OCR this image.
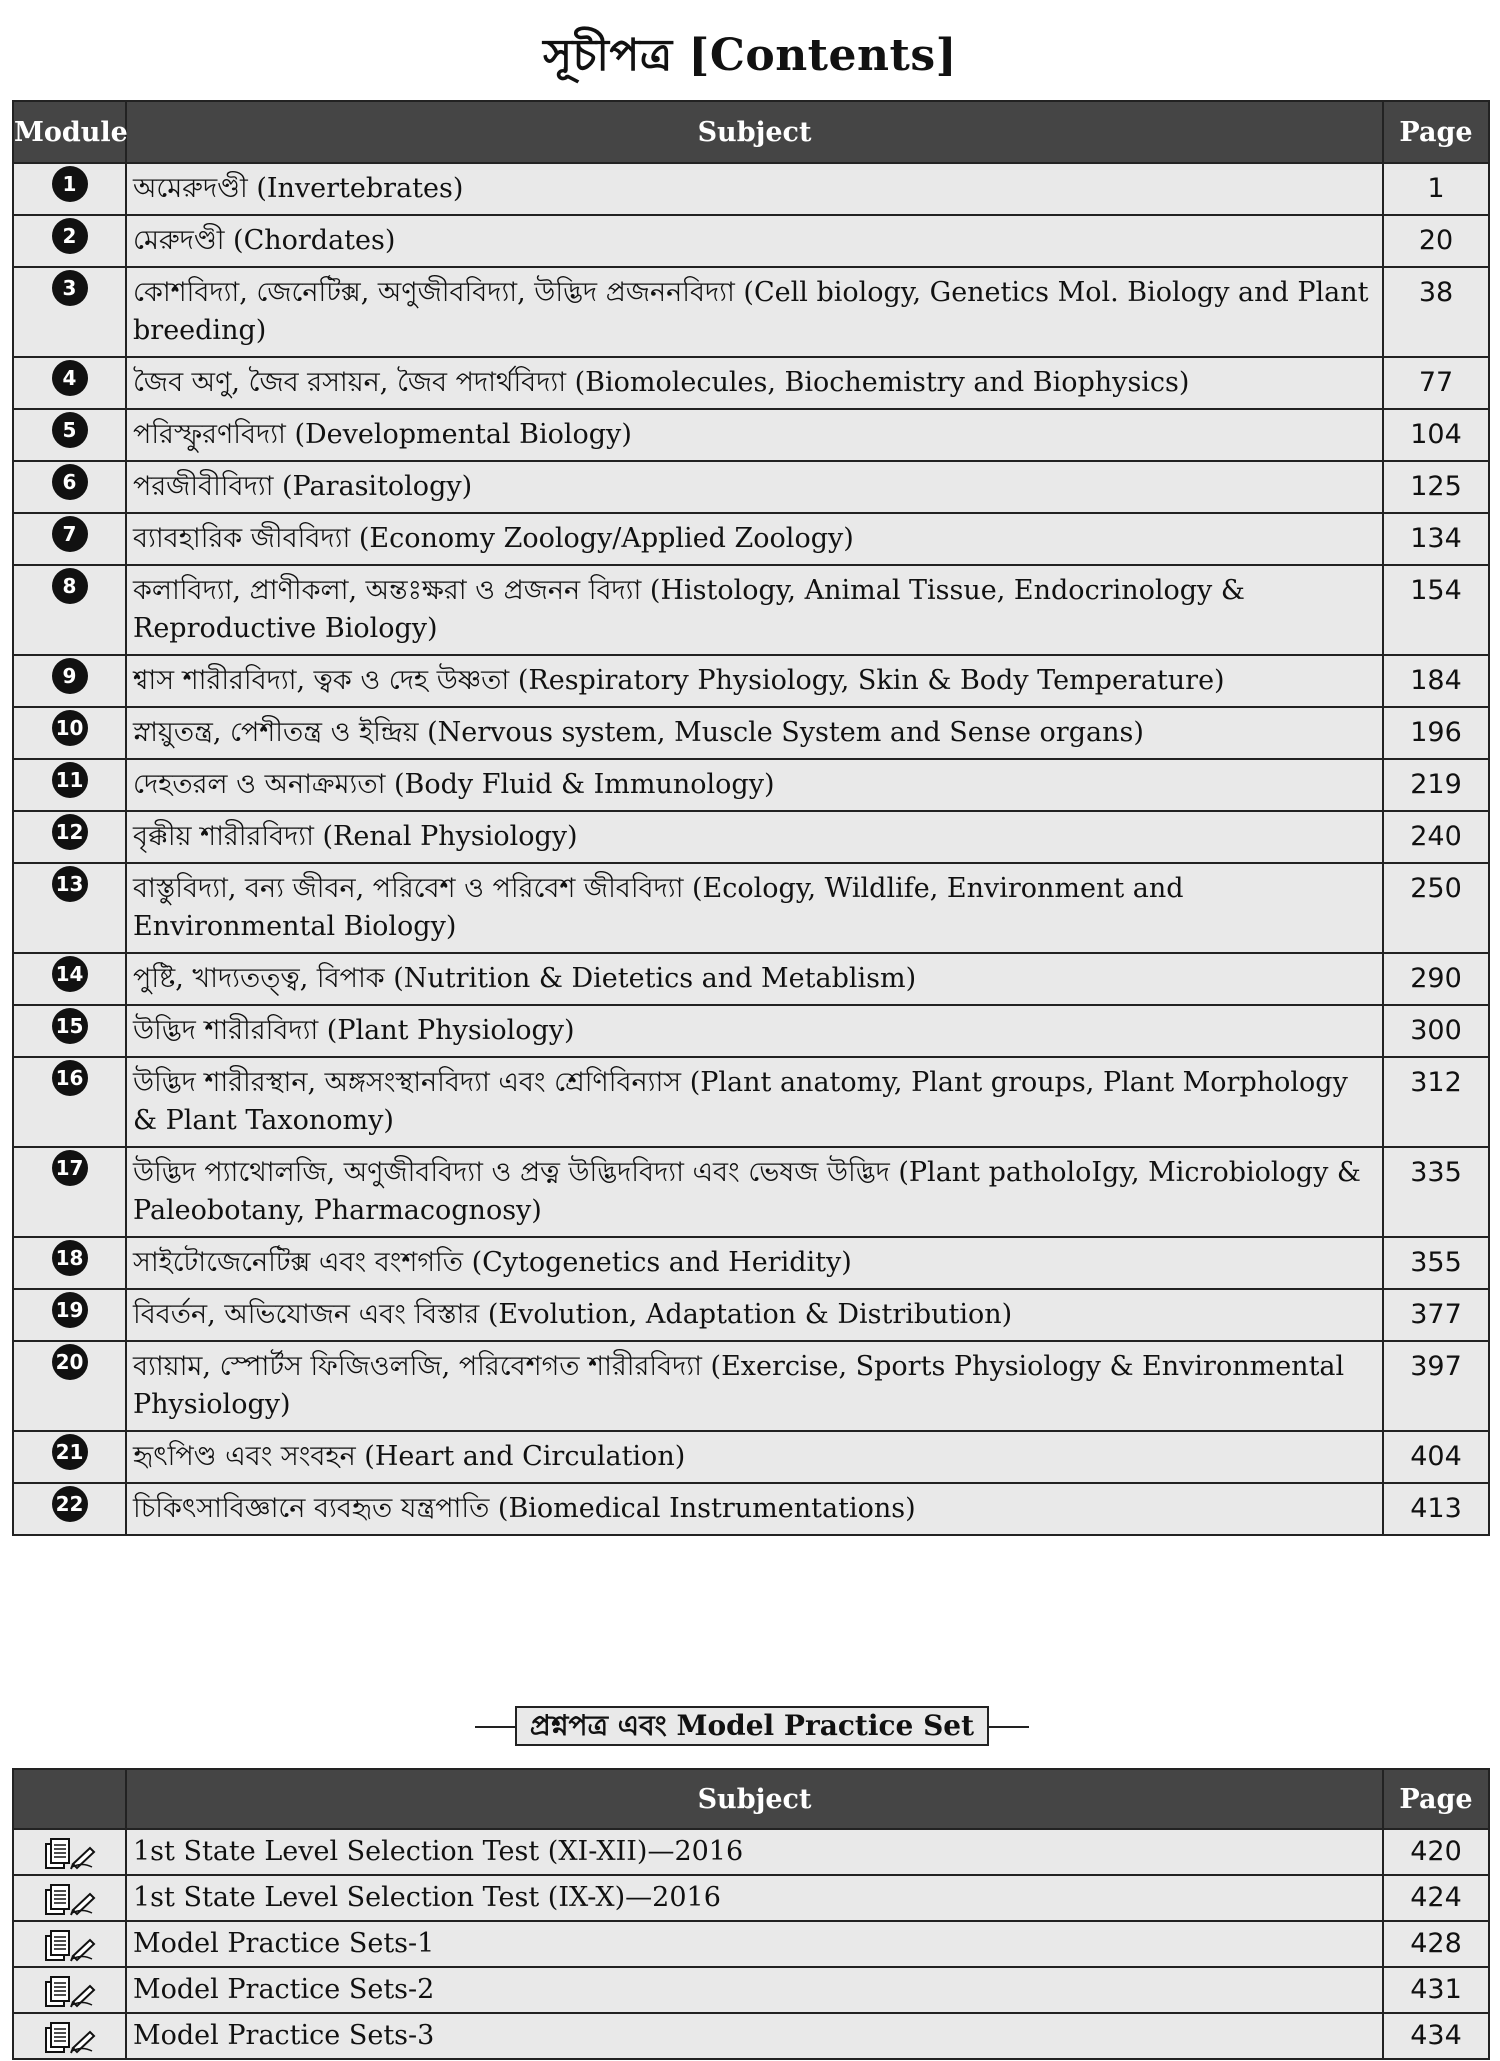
সূচীপত্র [Contents]
Module	Subject	Page
1	অমেরুদণ্ডী (Invertebrates)	1
2	মেরুদণ্ডী (Chordates)	20
3	কোশবিদ্যা, জেনেটিক্স, অণুজীববিদ্যা, উদ্ভিদ প্রজননবিদ্যা (Cell biology, Genetics Mol. Biology and Plant breeding)	38
4	জৈব অণু, জৈব রসায়ন, জৈব পদার্থবিদ্যা (Biomolecules, Biochemistry and Biophysics)	77
5	পরিস্ফুরণবিদ্যা (Developmental Biology)	104
6	পরজীবীবিদ্যা (Parasitology)	125
7	ব্যাবহারিক জীববিদ্যা (Economy Zoology/Applied Zoology)	134
8	কলাবিদ্যা, প্রাণীকলা, অন্তঃক্ষরা ও প্রজনন বিদ্যা (Histology, Animal Tissue, Endocrinology & Reproductive Biology)	154
9	শ্বাস শারীরবিদ্যা, ত্বক ও দেহ উষ্ণতা (Respiratory Physiology, Skin & Body Temperature)	184
10	স্নায়ুতন্ত্র, পেশীতন্ত্র ও ইন্দ্রিয় (Nervous system, Muscle System and Sense organs)	196
11	দেহতরল ও অনাক্রম্যতা (Body Fluid & Immunology)	219
12	বৃক্কীয় শারীরবিদ্যা (Renal Physiology)	240
13	বাস্তুবিদ্যা, বন্য জীবন, পরিবেশ ও পরিবেশ জীববিদ্যা (Ecology, Wildlife, Environment and Environmental Biology)	250
14	পুষ্টি, খাদ্যতত্ত্ব, বিপাক (Nutrition & Dietetics and Metablism)	290
15	উদ্ভিদ শারীরবিদ্যা (Plant Physiology)	300
16	উদ্ভিদ শারীরস্থান, অঙ্গসংস্থানবিদ্যা এবং শ্রেণিবিন্যাস (Plant anatomy, Plant groups, Plant Morphology & Plant Taxonomy)	312
17	উদ্ভিদ প্যাথোলজি, অণুজীববিদ্যা ও প্রত্ন উদ্ভিদবিদ্যা এবং ভেষজ উদ্ভিদ (Plant patholoIgy, Microbiology & Paleobotany, Pharmacognosy)	335
18	সাইটোজেনেটিক্স এবং বংশগতি (Cytogenetics and Heridity)	355
19	বিবর্তন, অভিযোজন এবং বিস্তার (Evolution, Adaptation & Distribution)	377
20	ব্যায়াম, স্পোর্টস ফিজিওলজি, পরিবেশগত শারীরবিদ্যা (Exercise, Sports Physiology & Environmental Physiology)	397
21	হৃৎপিণ্ড এবং সংবহন (Heart and Circulation)	404
22	চিকিৎসাবিজ্ঞানে ব্যবহৃত যন্ত্রপাতি (Biomedical Instrumentations)	413
প্রশ্নপত্র এবং Model Practice Set
	Subject	Page
	1st State Level Selection Test (XI-XII)—2016	420
	1st State Level Selection Test (IX-X)—2016	424
	Model Practice Sets-1	428
	Model Practice Sets-2	431
	Model Practice Sets-3	434
